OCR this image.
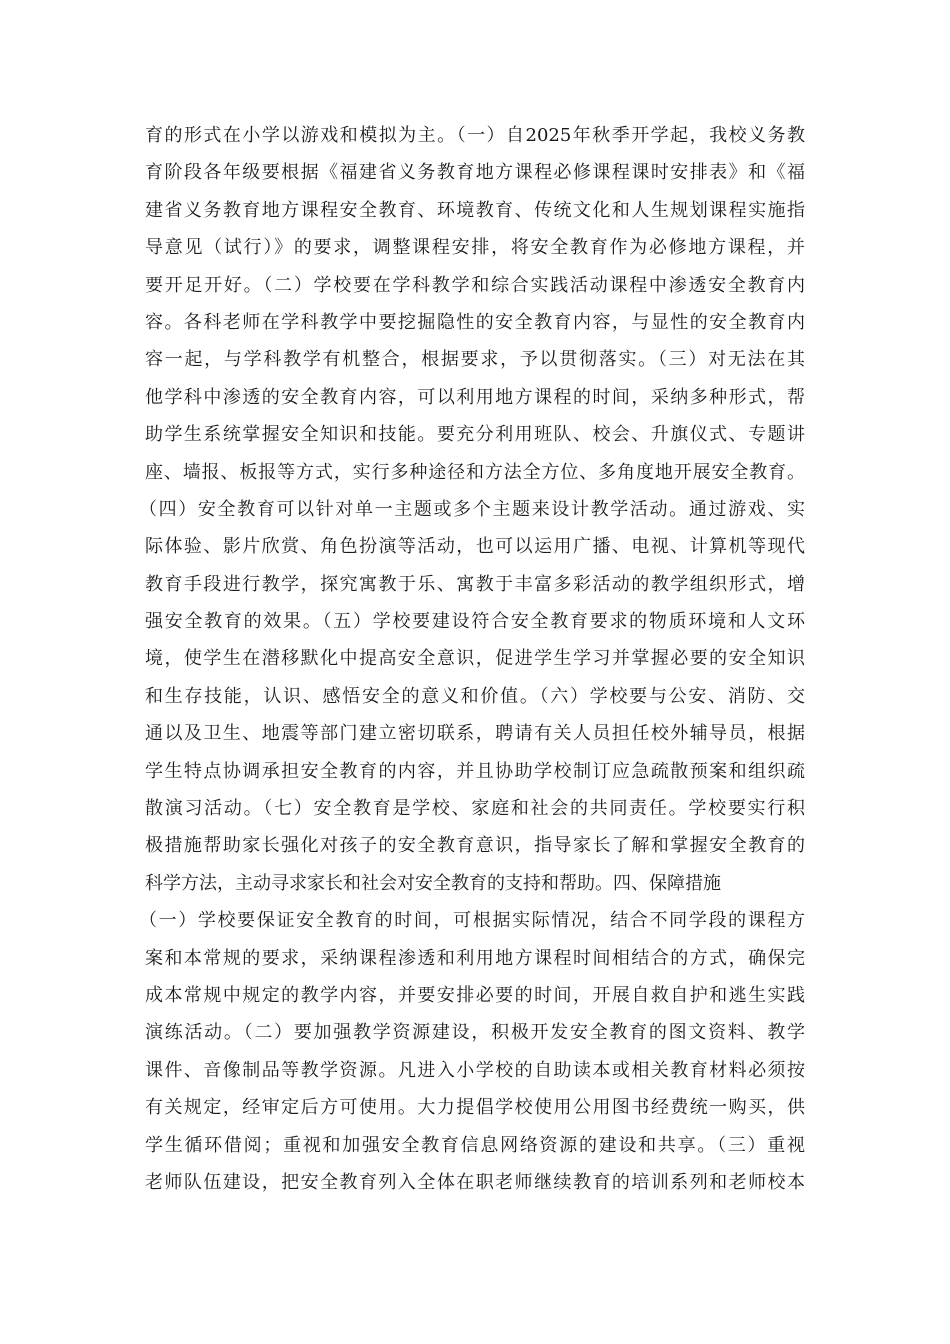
育的形式在小学以游戏和模拟为主。（一）自2025年秋季开学起，我校义务教
育阶段各年级要根据《福建省义务教育地方课程必修课程课时安排表》和《福
建省义务教育地方课程安全教育、环境教育、传统文化和人生规划课程实施指
导意见（试行）》的要求，调整课程安排，将安全教育作为必修地方课程，并
要开足开好。（二）学校要在学科教学和综合实践活动课程中渗透安全教育内
容。各科老师在学科教学中要挖掘隐性的安全教育内容，与显性的安全教育内
容一起，与学科教学有机整合，根据要求，予以贯彻落实。（三）对无法在其
他学科中渗透的安全教育内容，可以利用地方课程的时间，采纳多种形式，帮
助学生系统掌握安全知识和技能。要充分利用班队、校会、升旗仪式、专题讲
座、墙报、板报等方式，实行多种途径和方法全方位、多角度地开展安全教育。
（四）安全教育可以针对单一主题或多个主题来设计教学活动。通过游戏、实
际体验、影片欣赏、角色扮演等活动，也可以运用广播、电视、计算机等现代
教育手段进行教学，探究寓教于乐、寓教于丰富多彩活动的教学组织形式，增
强安全教育的效果。（五）学校要建设符合安全教育要求的物质环境和人文环
境，使学生在潜移默化中提高安全意识，促进学生学习并掌握必要的安全知识
和生存技能，认识、感悟安全的意义和价值。（六）学校要与公安、消防、交
通以及卫生、地震等部门建立密切联系，聘请有关人员担任校外辅导员，根据
学生特点协调承担安全教育的内容，并且协助学校制订应急疏散预案和组织疏
散演习活动。（七）安全教育是学校、家庭和社会的共同责任。学校要实行积
极措施帮助家长强化对孩子的安全教育意识，指导家长了解和掌握安全教育的
科学方法，主动寻求家长和社会对安全教育的支持和帮助。四、保障措施
（一）学校要保证安全教育的时间，可根据实际情况，结合不同学段的课程方
案和本常规的要求，采纳课程渗透和利用地方课程时间相结合的方式，确保完
成本常规中规定的教学内容，并要安排必要的时间，开展自救自护和逃生实践
演练活动。（二）要加强教学资源建设，积极开发安全教育的图文资料、教学
课件、音像制品等教学资源。凡进入小学校的自助读本或相关教育材料必须按
有关规定，经审定后方可使用。大力提倡学校使用公用图书经费统一购买，供
学生循环借阅；重视和加强安全教育信息网络资源的建设和共享。（三）重视
老师队伍建设，把安全教育列入全体在职老师继续教育的培训系列和老师校本
